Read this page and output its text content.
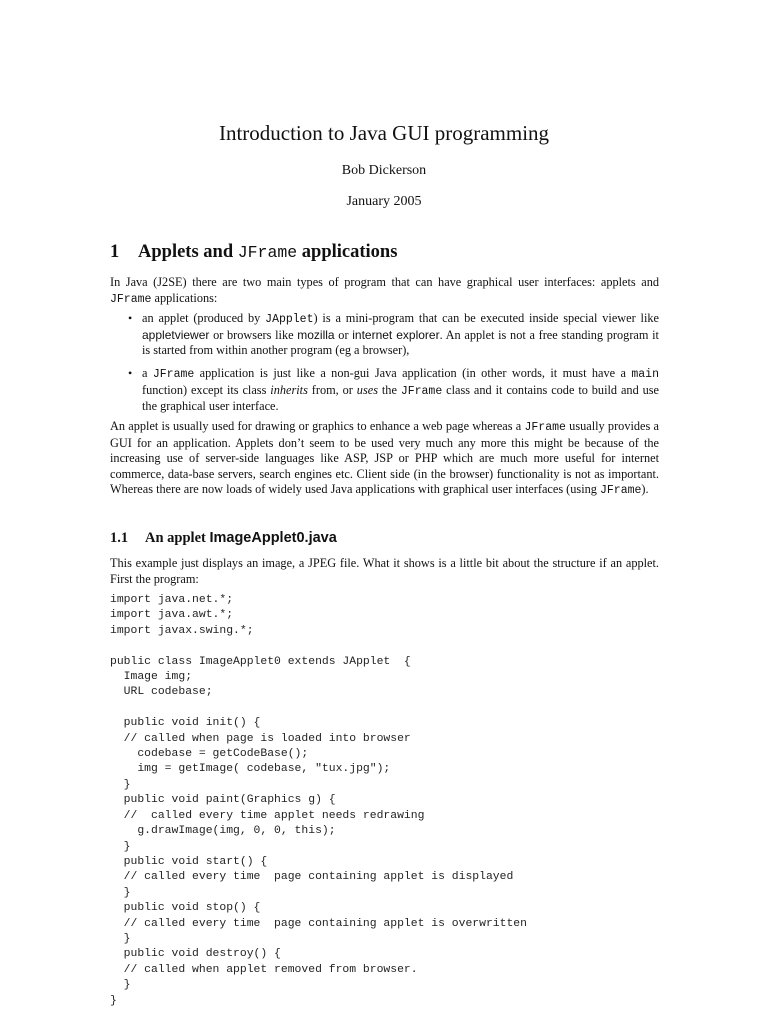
Introduction to Java GUI programming
Bob Dickerson
January 2005
1 Applets and JFrame applications
In Java (J2SE) there are two main types of program that can have graphical user interfaces: applets and JFrame applications:
• an applet (produced by JApplet) is a mini-program that can be executed inside special viewer like appletviewer or browsers like mozilla or internet explorer. An applet is not a free standing program it is started from within another program (eg a browser),
• a JFrame application is just like a non-gui Java application (in other words, it must have a main function) except its class inherits from, or uses the JFrame class and it contains code to build and use the graphical user interface.
An applet is usually used for drawing or graphics to enhance a web page whereas a JFrame usually provides a GUI for an application. Applets don’t seem to be used very much any more this might be because of the increasing use of server-side languages like ASP, JSP or PHP which are much more useful for internet commerce, data-base servers, search engines etc. Client side (in the browser) functionality is not as important. Whereas there are now loads of widely used Java applications with graphical user interfaces (using JFrame).
1.1 An applet ImageApplet0.java
This example just displays an image, a JPEG file. What it shows is a little bit about the structure if an applet. First the program:
import java.net.*;
import java.awt.*;
import javax.swing.*;

public class ImageApplet0 extends JApplet  {
Image img;
URL codebase;

public void init() {
// called when page is loaded into browser
codebase = getCodeBase();
img = getImage( codebase, "tux.jpg");
}
public void paint(Graphics g) {
//  called every time applet needs redrawing
g.drawImage(img, 0, 0, this);
}
public void start() {
// called every time  page containing applet is displayed
}
public void stop() {
// called every time  page containing applet is overwritten
}
public void destroy() {
// called when applet removed from browser.
}
}
